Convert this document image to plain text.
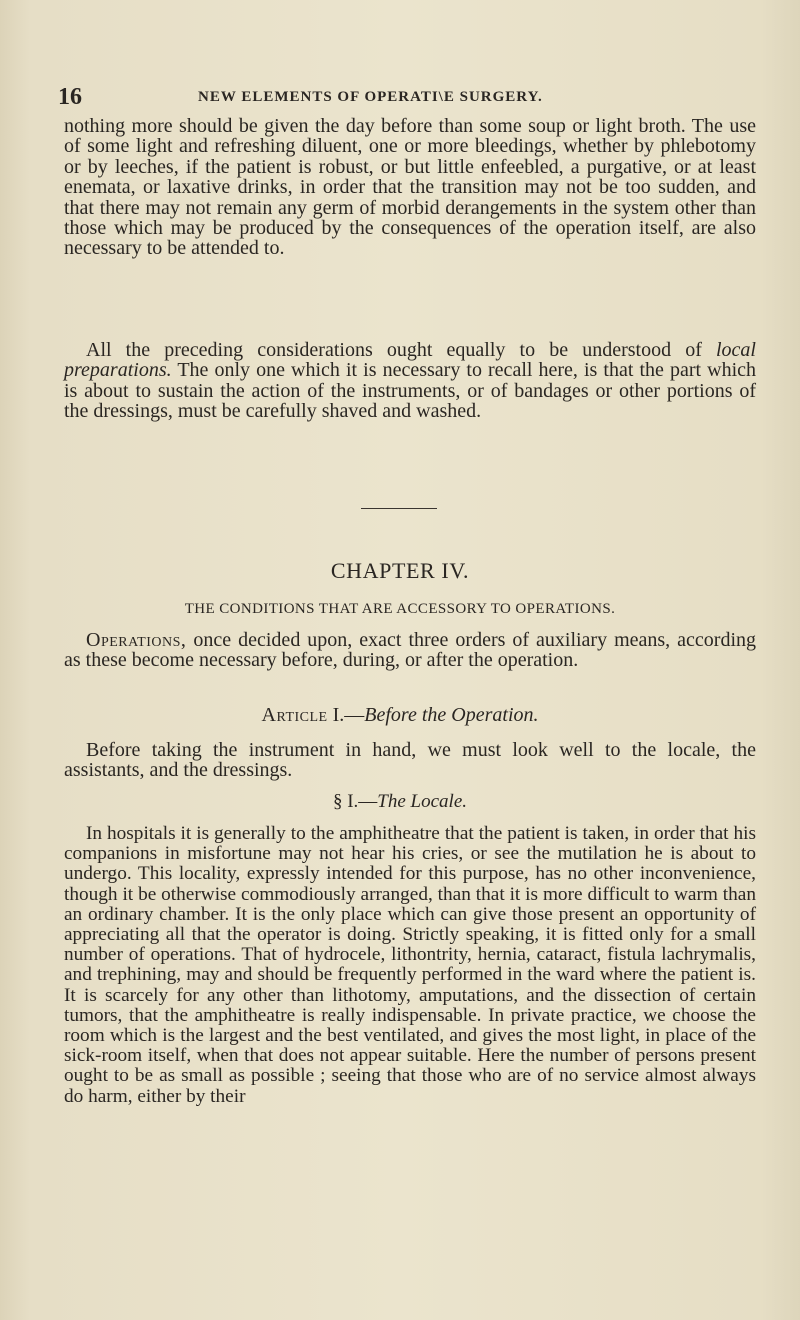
16	NEW ELEMENTS OF OPERATI\E SURGERY.

nothing more should be given the day before than some soup or light broth. The use of some light and refreshing diluent, one or more bleedings, whether by phlebotomy or by leeches, if the patient is robust, or but little enfeebled, a purgative, or at least enemata, or laxative drinks, in order that the transition may not be too sudden, and that there may not remain any germ of morbid derangements in the system other than those which may be produced by the consequences of the operation itself, are also necessary to be attended to.

All the preceding considerations ought equally to be understood of local preparations. The only one which it is necessary to recall here, is that the part which is about to sustain the action of the instruments, or of bandages or other portions of the dressings, must be carefully shaved and washed.

CHAPTER IV.
THE CONDITIONS THAT ARE ACCESSORY TO OPERATIONS.

Operations, once decided upon, exact three orders of auxiliary means, according as these become necessary before, during, or after the operation.

Article I.—Before the Operation.

Before taking the instrument in hand, we must look well to the locale, the assistants, and the dressings.

§ I.—The Locale.

In hospitals it is generally to the amphitheatre that the patient is taken, in order that his companions in misfortune may not hear his cries, or see the mutilation he is about to undergo. This locality, expressly intended for this purpose, has no other inconvenience, though it be otherwise commodiously arranged, than that it is more difficult to warm than an ordinary chamber. It is the only place which can give those present an opportunity of appreciating all that the operator is doing. Strictly speaking, it is fitted only for a small number of operations. That of hydrocele, lithontrity, hernia, cataract, fistula lachrymalis, and trephining, may and should be frequently performed in the ward where the patient is. It is scarcely for any other than lithotomy, amputations, and the dissection of certain tumors, that the amphitheatre is really indispensable. In private practice, we choose the room which is the largest and the best ventilated, and gives the most light, in place of the sick-room itself, when that does not appear suitable. Here the number of persons present ought to be as small as possible ; seeing that those who are of no service almost always do harm, either by their
